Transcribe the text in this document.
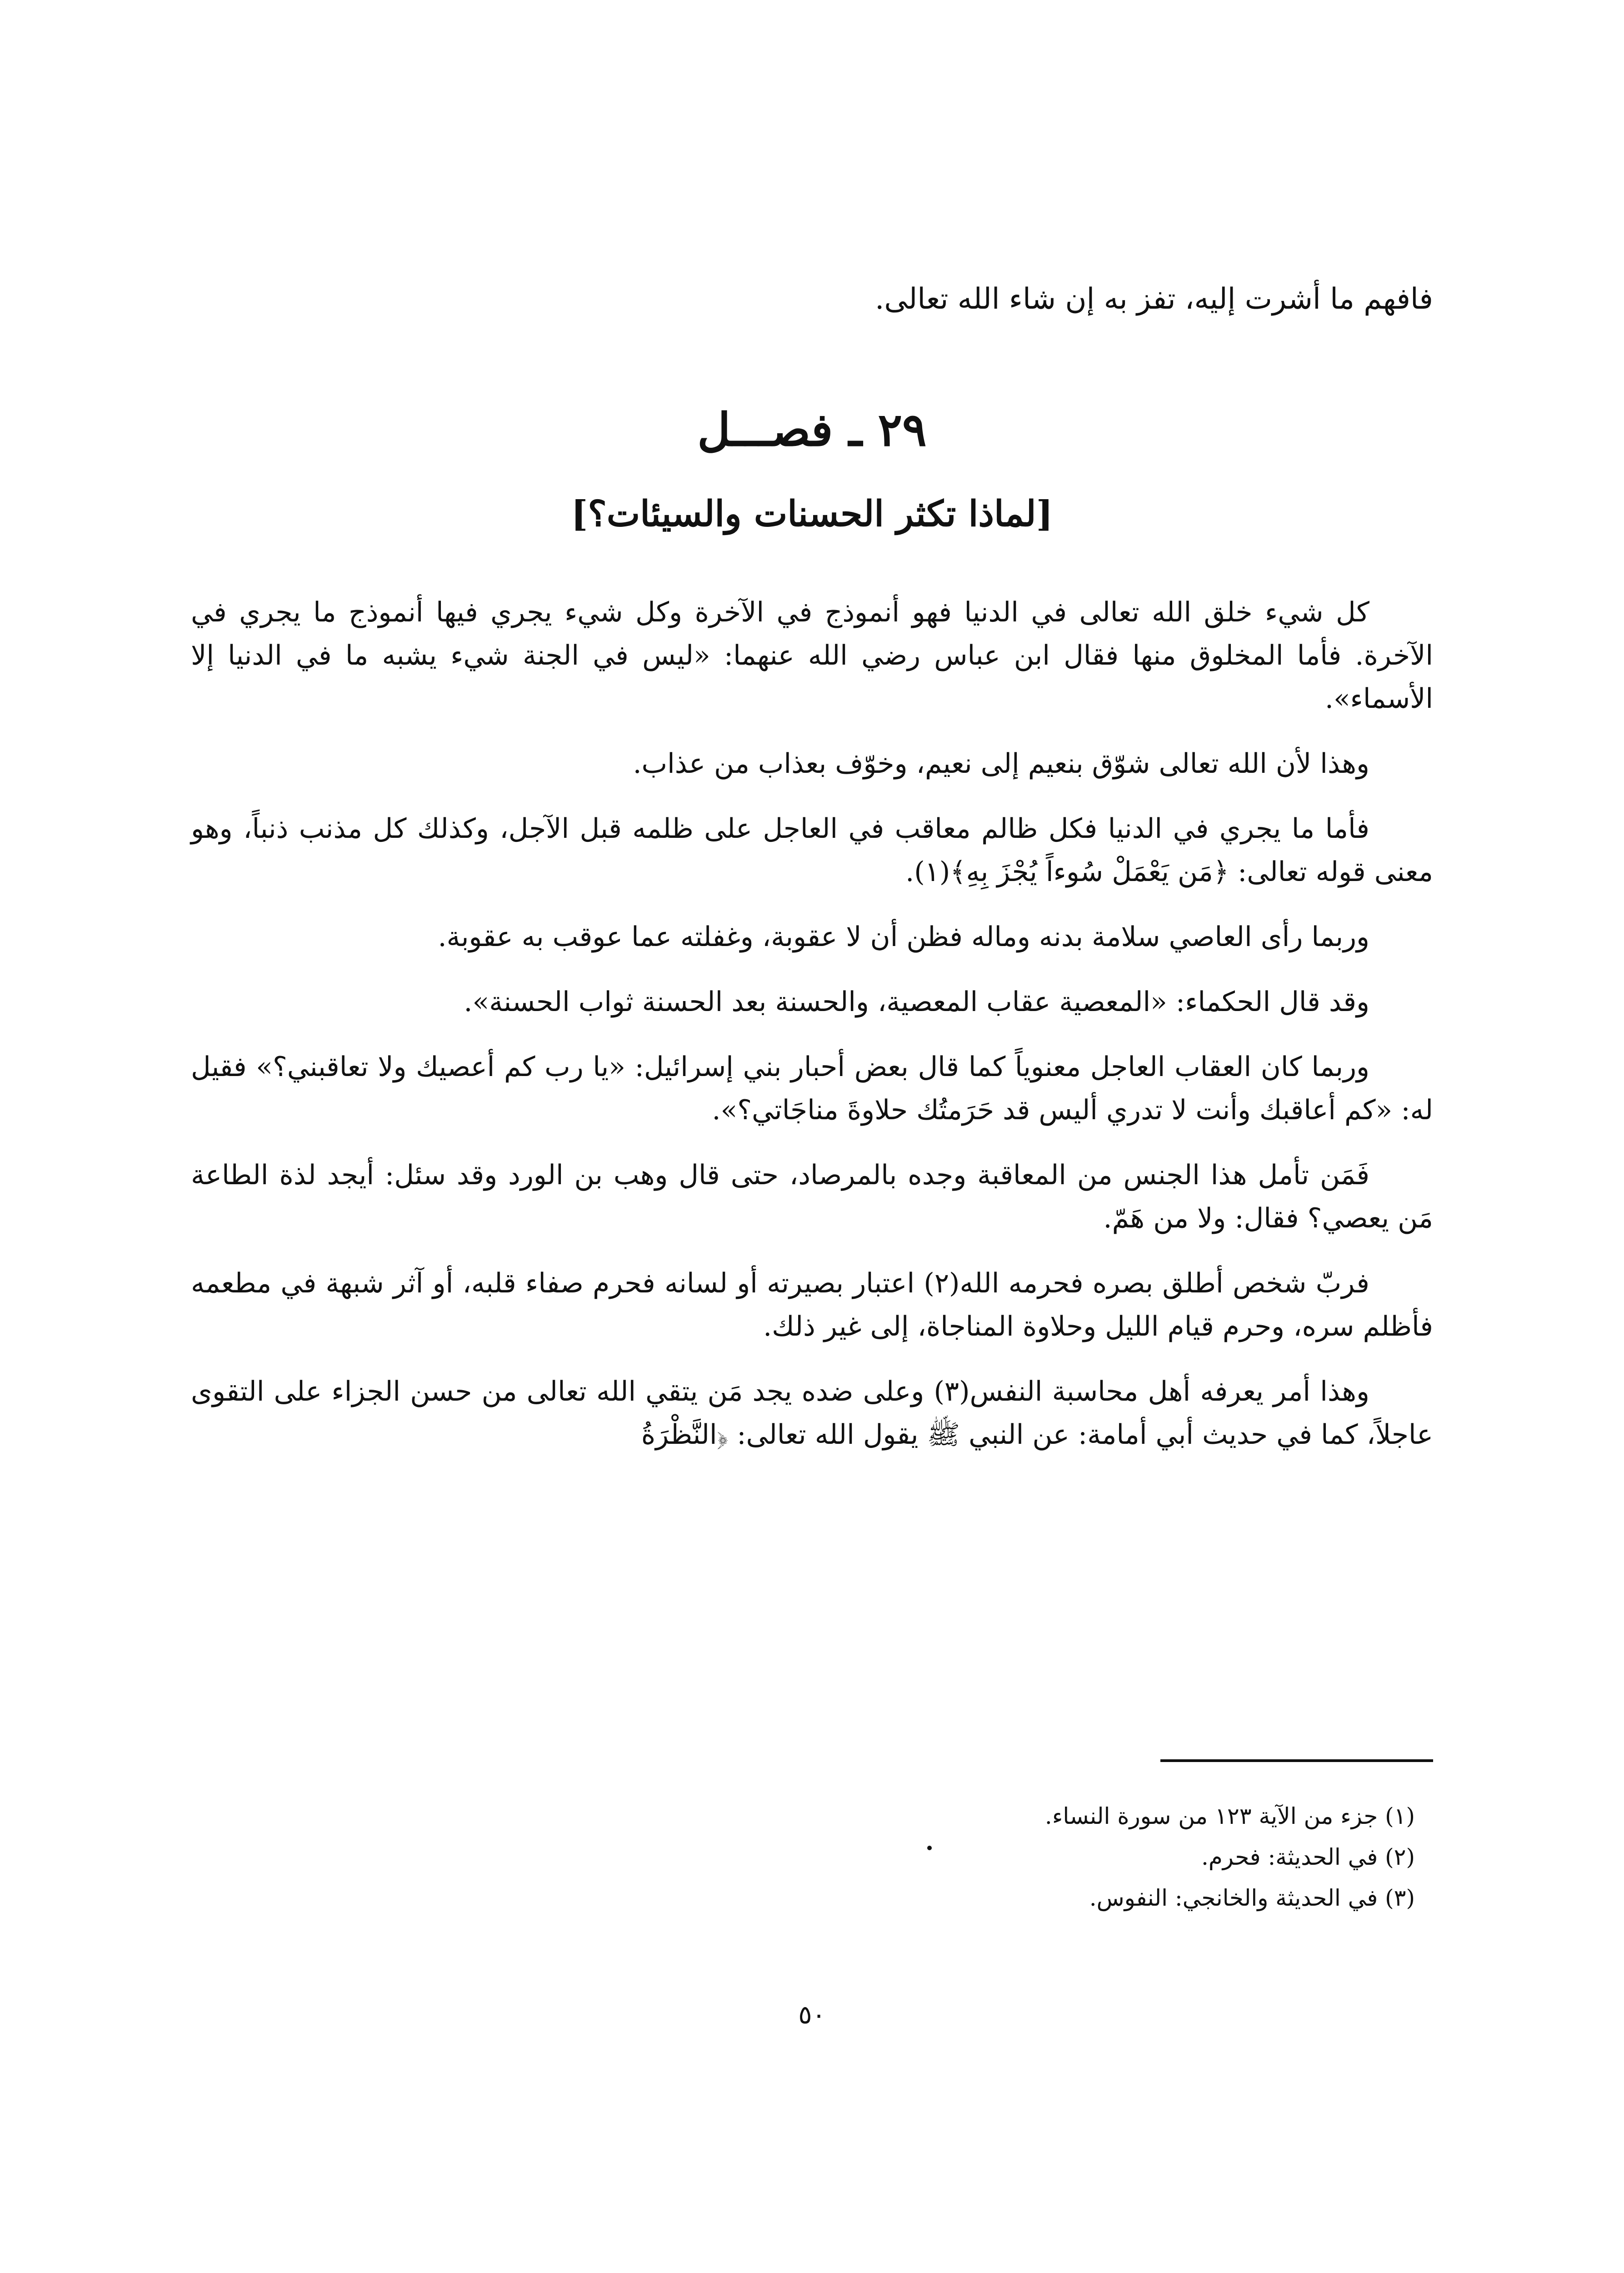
فافهم ما أشرت إليه، تفز به إن شاء الله تعالى.
٢٩ ـ فصـــل
[لماذا تكثر الحسنات والسيئات؟]

كل شيء خلق الله تعالى في الدنيا فهو أنموذج في الآخرة وكل شيء يجري فيها أنموذج ما يجري في الآخرة. فأما المخلوق منها فقال ابن عباس رضي الله عنهما: «ليس في الجنة شيء يشبه ما في الدنيا إلا الأسماء».

وهذا لأن الله تعالى شوّق بنعيم إلى نعيم، وخوّف بعذاب من عذاب.

فأما ما يجري في الدنيا فكل ظالم معاقب في العاجل على ظلمه قبل الآجل، وكذلك كل مذنب ذنباً، وهو معنى قوله تعالى: ﴿مَن يَعْمَلْ سُوءاً يُجْزَ بِهِ﴾(١).

وربما رأى العاصي سلامة بدنه وماله فظن أن لا عقوبة، وغفلته عما عوقب به عقوبة.

وقد قال الحكماء: «المعصية عقاب المعصية، والحسنة بعد الحسنة ثواب الحسنة».

وربما كان العقاب العاجل معنوياً كما قال بعض أحبار بني إسرائيل: «يا رب كم أعصيك ولا تعاقبني؟» فقيل له: «كم أعاقبك وأنت لا تدري أليس قد حَرَمتُك حلاوةَ مناجَاتي؟».

فَمَن تأمل هذا الجنس من المعاقبة وجده بالمرصاد، حتى قال وهب بن الورد وقد سئل: أيجد لذة الطاعة مَن يعصي؟ فقال: ولا من هَمّ.

فربّ شخص أطلق بصره فحرمه الله(٢) اعتبار بصيرته أو لسانه فحرم صفاء قلبه، أو آثر شبهة في مطعمه فأظلم سره، وحرم قيام الليل وحلاوة المناجاة، إلى غير ذلك.

وهذا أمر يعرفه أهل محاسبة النفس(٣) وعلى ضده يجد مَن يتقي الله تعالى من حسن الجزاء على التقوى عاجلاً، كما في حديث أبي أمامة: عن النبي ﷺ يقول الله تعالى: ﴿النَّظْرَةُ

(١) جزء من الآية ١٢٣ من سورة النساء.
(٢) في الحديثة: فحرم.
(٣) في الحديثة والخانجي: النفوس.
٥٠
